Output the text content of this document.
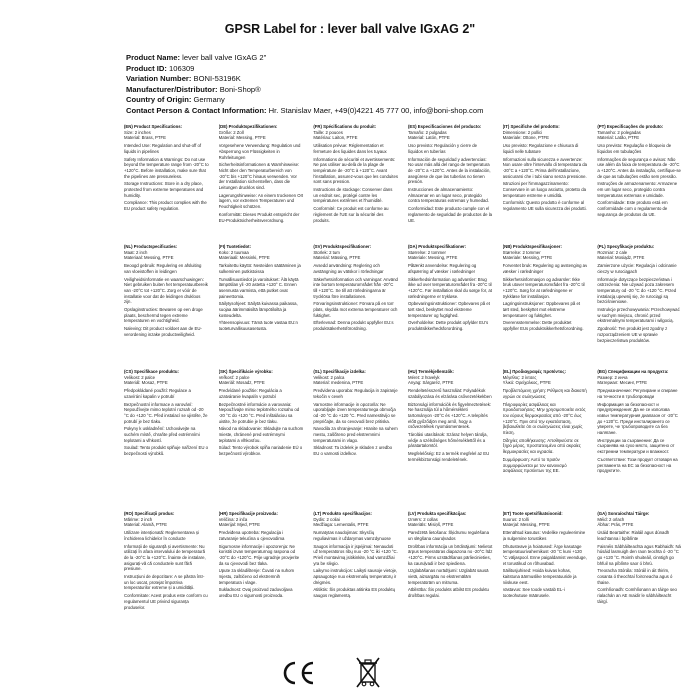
GPSR Label for : lever ball valve IGxAG 2"
Product Name: lever ball valve IGxAG 2"
Product ID: 106309
Variation Number: BONI-53196K
Manufacturer/Distributor: Boni-Shop®
Country of Origin: Germany
Contact Person & Contact Information: Hr. Stanislav Maer, +49(0)4221 45 777 00, info@boni-shop.com
(EN) Product Specifications:
Size: 2 inches
Material: Brass, PTFE
Intended Use: Regulation and shut-off of liquids in pipelines
Safety Information & Warnings: Do not use beyond the temperature range from -20°C to +120°C. Before installation, make sure that the pipelines are pressureless.
Storage Instructions: Store in a dry place, protected from extreme temperatures and humidity.
Compliance: This product complies with the EU product safety regulation.
(DE) Produktspezifikationen:
Größe: 2 Zoll
Material: Messing, PTFE
Vorgesehene Verwendung: Regulation und Absperrung von Flüssigkeiten in Rohrleitungen
Sicherheitsinformationen & Warnhinweise: Nicht über den Temperaturbereich von -20°C bis +120°C hinaus verwenden. Vor der Installation sicherstellen, dass die Leitungen drucklos sind.
Lagerungshinweise: An einem trockenen Ort lagern, vor extremen Temperaturen und Feuchtigkeit schützen.
Konformität: Dieses Produkt entspricht der EU-Produktsicherheitsverordnung.
(FR) Spécifications du produit:
Taille: 2 pouces
Matériau: Laiton, PTFE
Utilisation prévue: Réglementation et fermeture des liquides dans les tuyaux
Informations de sécurité et avertissements: Ne pas utiliser au-delà de la plage de température de -20°C à +120°C. Avant l'installation, assurez-vous que les conduites sont sans pression.
Instructions de stockage: Conserver dans un endroit sec, protégé contre les températures extrêmes et l'humidité.
Conformité: Ce produit est conforme au règlement de l'UE sur la sécurité des produits.
(ES) Especificaciones del producto:
Tamaño: 2 pulgadas
Material: Latón, PTFE
Uso previsto: Regulación y cierre de líquidos en tuberías
Información de seguridad y advertencias: No usar más allá del rango de temperatura de -20°C a +120°C. Antes de la instalación, asegúrese de que las tuberías no tienen presión.
Instrucciones de almacenamiento: Almacenar en un lugar seco, protegido contra temperaturas extremas y humedad.
Conformidad: Este producto cumple con el reglamento de seguridad de productos de la UE.
(IT) Specifiche del prodotto:
Dimensione: 2 pollici
Materiale: Ottone, PTFE
Uso previsto: Regolazione e chiusura di liquidi nelle tubature
Informazioni sulla sicurezza e avvertenze: Non usare oltre l'intervallo di temperatura da -20°C a +120°C. Prima dell'installazione, assicurarsi che i tubi siano senza pressione.
Istruzioni per l'immagazzinamento: Conservare in un luogo asciutto, protetto da temperature estreme e umidità.
Conformità: Questo prodotto è conforme al regolamento UE sulla sicurezza dei prodotti.
(PT) Especificações do produto:
Tamanho: 2 polegadas
Material: Latão, PTFE
Uso previsto: Regulação e bloqueio de líquidos em tubulações
Informações de segurança e avisos: Não use além da faixa de temperatura de -20°C a +120°C. Antes da instalação, certifique-se de que as tubulações estão sem pressão.
Instruções de armazenamento: Armazene em um lugar seco, protegido contra temperaturas extremas e umidade.
Conformidade: Este produto está em conformidade com o regulamento de segurança de produtos da UE.
(NL) Productspecificaties:
Maat: 2 inch
Materiaal: Messing, PTFE
Beoogd gebruik: Regulering en afsluiting van vloeistoffen in leidingen
Veiligheidsinformatie en waarschuwingen: Niet gebruiken buiten het temperatuurbereik van -20°C tot +120°C. Zorg er vóór de installatie voor dat de leidingen drukloos zijn.
Opslaginstructies: Bewaren op een droge plaats, beschermd tegen extreme temperaturen en vochtigheid.
Naleving: Dit product voldoet aan de EU-verordening inzake productveiligheid.
(FI) Tuotetiedot:
Koko: 2 tuumaa
Materiaali: Messinki, PTFE
Tarkoitettu käyttö: Nesteiden säätäminen ja sulkeminen putkistoissa
Turvallisuustiedot ja varoitukset: Älä käytä lämpötilan yli -20 astetta +120° C. Ennen asennusta varmista, että putket ovat paineettomia.
Säilytysohjeet: Säilytä kuivassa paikassa, suojaa äärimmäisiltä lämpötiloilta ja kosteudelta.
Yhteensopivuus: Tämä tuote vastaa EU:n tuoteturvallisuusasetusta.
(SV) Produktspecifikationer:
Storlek: 2 tum
Material: Mässing, PTFE
Avsedd användning: Reglering och avstängning av vätskor i rörledningar
Säkerhetsinformation och varningar: Använd inte bortom temperaturområdet från -20°C till +120°C. Se till att rörledningarna är trycklösa före installationen.
Förvaringsinstruktioner: Förvara på en torr plats, skydda mot extrema temperaturer och fuktighet.
Efterlevnad: Denna produkt uppfyller EU:s produktsäkerhetsförordning.
(DA) Produktspecifikationer:
Størrelse: 2 tommer
Materiale: Messing, PTFE
Påtænkt anvendelse: Regulering og afspærring af væsker i rørledninger
Sikkerhedsinformation og advarsler: Brug ikke ud over temperaturområdet fra -20°C til +120°C. Før installation skal du sørge for, at rørledningerne er trykløse.
Opbevaringsinstruktioner: Opbevares på et tørt sted, beskyttet mod ekstreme temperaturer og fugtighed.
Overholdelse: Dette produkt opfylder EU's produktsikkerhedsforordning.
(NB) Produktspesifikasjoner:
Størrelse: 2 tommer
Materiale: Messing, PTFE
Forventet bruk: Regulering og avstenging av væsker i rørledninger
Sikkerhetsinformasjon og advarsler: Ikke bruk utover temperaturområdet fra -20°C til +120°C. Sørg for at rørledningene er trykkløse før installasjon.
Lagringsinstruksjoner: Oppbevares på et tørt sted, beskyttet mot ekstreme temperaturer og fuktighet.
Overensstemmelse: Dette produktet oppfyller EUs produktsikkerhetsforordning.
(PL) Specyfikacje produktu:
Rozmiar: 2 cale
Materiał: Mosiądz, PTFE
Zamierzone użycie: Regulacja i odcinanie cieczy w rurociągach
Informacje dotyczące bezpieczeństwa i ostrzeżenia: Nie używać poza zakresem temperatury od -20 °C do +120 °C. Przed instalacją upewnij się, że rurociągi są bezciśnieniowe.
Instrukcje przechowywania: Przechowywać w suchym miejscu, chronić przed ekstremalnymi temperaturami i wilgocią.
Zgodność: Ten produkt jest zgodny z rozporządzeniem UE w sprawie bezpieczeństwa produktów.
(CS) Specifikace produktu:
Velikost: 2 palce
Materiál: Mosaz, PTFE
Předpokládané použití: Regulace a uzavírání kapalin v potrubí
Bezpečnostní informace a varování: Nepoužívejte mimo teplotní rozsah od -20 °C do +120 °C. Před instalací se ujistěte, že potrubí je bez tlaku.
Pokyny k uskladnění: Uchovávejte na suchém místě, chraňte před extrémními teplotami a vlhkostí.
Soulad: Tento produkt splňuje nařízení EU o bezpečnosti výrobků.
(SK) Špecifikácie výrobku:
Veľkosť: 2 palce
Materiál: Mosadz, PTFE
Predvídané použitie: Regulácia a uzatváranie kvapalín v potrubí
Bezpečnostné informácie a varovania: Nepoužívajte mimo teplotného rozsahu od -20 °C do +120 °C. Pred inštaláciou sa uistite, že potrubie je bez tlaku.
Návod na skladovanie: Skladujte na suchom mieste, chránené pred extrémnymi teplotami a vlhkosťou.
Súlad: Tento výrobok spĺňa nariadenie EÚ o bezpečnosti výrobkov.
(SL) Specifikacije izdelka:
Velikost: 2 palca
Material: medenina, PTFE
Predvidena uporaba: Regulacija in zapiranje tekočin v ceveh
Varnostne informacije in opozorila: Ne uporabljajte izven temperaturnega območja od -20 °C do +120 °C. Pred namestitvijo se prepričajte, da so cevovodi brez pritiska.
Navodila za shranjevanje: Hranite na suhem mestu, zaščiteno pred ekstremnimi temperaturami in vlago.
Skladnost: Ta izdelek je skladen z uredbo EU o varnosti izdelkov.
(HU) Termékjellemzők:
Méret: 2 hüvelyk
Anyag: Sárgaréz, PTFE
Rendeltetésszerű használat: Folyadékok szabályozása és elzárása csővezetékekben
Biztonsági információk és figyelmeztetések: Ne használja túl a hőmérsékleti tartományon -20°C és +120°C. A telepítés előtt győződjön meg arról, hogy a csővezetékek nyomásmentesek.
Tárolási utasítások: Száraz helyen tárolja, védje a szélsőséges hőmérséklettől és a páratartalomtól.
Megfelelőség: Ez a termék megfelel az EU termékbiztonsági rendeletének.
(EL) Προδιαγραφές προϊόντος:
Μέγεθος: 2 ίντσες
Υλικό: Ορείχαλκος, PTFE
Προβλεπόμενη χρήση: Ρύθμιση και διακοπή υγρών σε σωληνώσεις
Πληροφορίες ασφάλειας και προειδοποιήσεις: Μην χρησιμοποιείτε εκτός του εύρους θερμοκρασίας από -20°C έως +120°C. Πριν από την εγκατάσταση, βεβαιωθείτε ότι οι σωληνώσεις είναι χωρίς πίεση.
Οδηγίες αποθήκευσης: Αποθηκεύστε σε ξηρό μέρος, προστατευμένο από ακραίες θερμοκρασίες και υγρασία.
Συμμόρφωση: Αυτό το προϊόν συμμορφώνεται με τον κανονισμό ασφάλειας προϊόντων της ΕΕ.
(BG) Спецификации на продукта:
Размер: 2 инча
Материал: Месинг, PTFE
Предназначение: Регулиране и спиране на течности в тръбопроводи
Информация за безопасност и предупреждения: Да не се използва извън температурния диапазон от -20°C до +120°C. Преди инсталирането се уверете, че тръбопроводите са без налягане.
Инструкции за съхранение: Да се съхранява на сухо място, защитено от екстремни температури и влажност.
Съответствие: Този продукт отговаря на регламента на ЕС за безопасност на продуктите.
(RO) Specificații produs:
Mărime: 2 inch
Material: Alamă, PTFE
Utilizare intenționată: Reglementarea și închiderea lichidelor în conducte
Informații de siguranță și avertismente: Nu utilizați în afara intervalului de temperatură de la -20°C la +120°C. Înainte de instalare, asigurați-vă că conductele sunt fără presiune.
Instrucțiuni de depozitare: A se păstra într-un loc uscat, protejat împotriva temperaturilor extreme și a umidității.
Conformitate: Acest produs este conform cu regulamentul UE privind siguranța produselor.
(HR) Specifikacije proizvoda:
Veličina: 2 inča
Materijal: Mjed, PTFE
Predviđena upotreba: Regulacija i zatvaranje tekućina u cjevovodima
Sigurnosne informacije i upozorenja: Ne koristiti izvan temperaturnog raspona od -20°C do +120°C. Prije ugradnje provjerite da su cjevovodi bez tlaka.
Upute za skladištenje: Čuvati na suhom mjestu, zaštićeno od ekstremnih temperatura i vlage.
Sukladnost: Ovaj proizvod zadovoljava uredbu EU o sigurnosti proizvoda.
(LT) Produkto specifikacijos:
Dydis: 2 coliai
Medžiaga: Lementalis, PTFE
Numatytas naudojimas: Skysčių reguliavimas ir uždarymas vamzdynuose
Saugos informacija ir įspėjimai: Nenaudoti už temperatūros ribų nuo -20 °C iki +120 °C. Prieš montavimą įsitikinkite, kad vamzdžiai yra be slėgio.
Laikymo instrukcijos: Laikyti sausoje vietoje, apsaugotoje nuo ekstremalių temperatūrų ir drėgmės.
Atitiktis: Šis produktas atitinka ES produktų saugos reglamentą.
(LV) Produkta specifikācijas:
Izmērs: 2 collas
Materiāls: Misiņš, PTFE
Paredzētā lietošana: Šķidrumu regulēšana un slēgšana cauruļvados
Drošības informācija un brīdinājumi: Nelietot ārpus temperatūras diapazona no -20°C līdz +120°C. Pirms uzstādīšanas pārliecinieties, ka cauruļvadi ir bez spiediena.
Uzglabāšanas norādījumi: Uzglabāt sausā vietā, aizsargātu no ekstremālām temperatūrām un mitruma.
Atbilstība: Šis produkts atbilst ES produktu drošības regulai.
(ET) Toote spetsifikatsioonid:
Suurus: 2 tolli
Materjal: Messing, PTFE
Ettenähtud kasutus: Vedelike reguleerimine ja sulgemine torustikes
Ohutusteave ja hoiatused: Ärge kasutage temperatuurivahemikust -20 °C kuni +120 °C väljaspool. Enne paigaldamist veenduge, et torustikud on rõhuvabad.
Säilitusjuhised: Hoida kuivas kohas, kaitstuna äärmuslike temperatuuride ja niiskuse eest.
Vastavus: See toode vastab EL-i tooteohutuse määrusele.
(GA) Sonraíochtaí Táirge:
Méid: 2 orlach
Ábhar: Prás, PTFE
Úsáid Beartaithe: Rialáil agus dúnadh leachtanna i bpíblínte
Faisnéis Sábháilteachta agus Rabhaidh: Ná húsáid lasmuigh den raon teochta ó -20 °C go +120 °C. Roimh shuiteáil, cinntigh go bhfuil na píblínte saor ó bhrú.
Treoracha Stórála: Stóráil in áit thirim, cosanta ó theochtaí foircneacha agus ó thaise.
Comhlíonadh: Comhlíonann an táirge seo rialachán an AE maidir le sábháilteacht táirgí.
